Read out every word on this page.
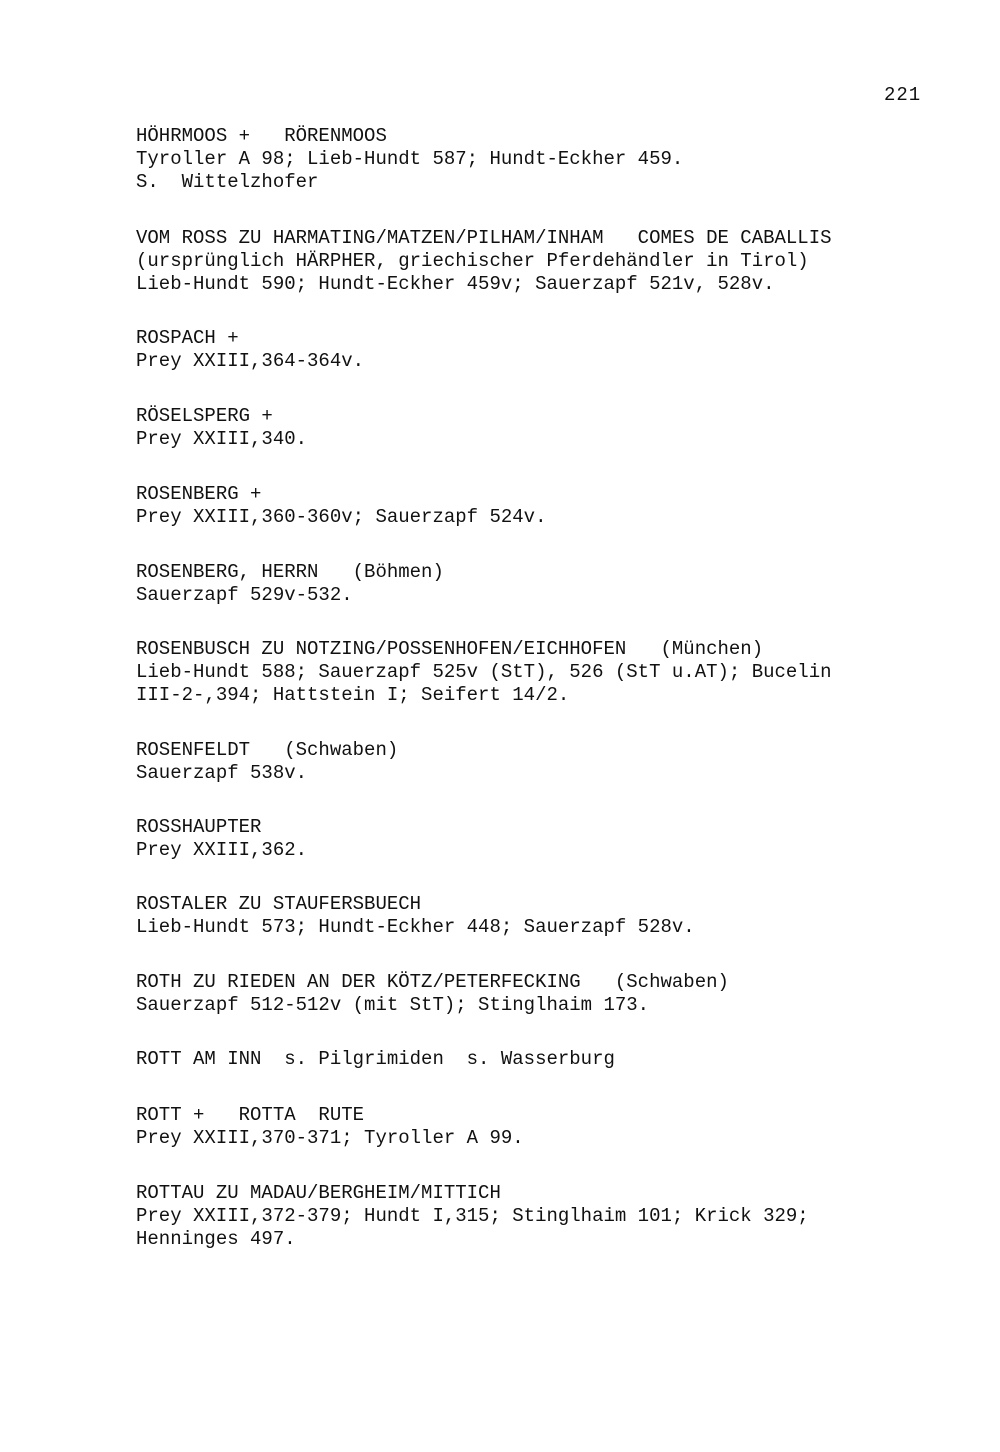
221
HÖHRMOOS +   RÖRENMOOS
Tyroller A 98; Lieb-Hundt 587; Hundt-Eckher 459.
S.  Wittelzhofer
VOM ROSS ZU HARMATING/MATZEN/PILHAM/INHAM   COMES DE CABALLIS
(ursprünglich HÄRPHER, griechischer Pferdehändler in Tirol)
Lieb-Hundt 590; Hundt-Eckher 459v; Sauerzapf 521v, 528v.
ROSPACH +
Prey XXIII,364-364v.
RÖSELSPERG +
Prey XXIII,340.
ROSENBERG +
Prey XXIII,360-360v; Sauerzapf 524v.
ROSENBERG, HERRN   (Böhmen)
Sauerzapf 529v-532.
ROSENBUSCH ZU NOTZING/POSSENHOFEN/EICHHOFEN   (München)
Lieb-Hundt 588; Sauerzapf 525v (StT), 526 (StT u.AT); Bucelin
III-2-,394; Hattstein I; Seifert 14/2.
ROSENFELDT   (Schwaben)
Sauerzapf 538v.
ROSSHAUPTER
Prey XXIII,362.
ROSTALER ZU STAUFERSBUECH
Lieb-Hundt 573; Hundt-Eckher 448; Sauerzapf 528v.
ROTH ZU RIEDEN AN DER KÖTZ/PETERFECKING   (Schwaben)
Sauerzapf 512-512v (mit StT); Stinglhaim 173.
ROTT AM INN  s. Pilgrimiden  s. Wasserburg
ROTT +   ROTTA  RUTE
Prey XXIII,370-371; Tyroller A 99.
ROTTAU ZU MADAU/BERGHEIM/MITTICH
Prey XXIII,372-379; Hundt I,315; Stinglhaim 101; Krick 329;
Henninges 497.
